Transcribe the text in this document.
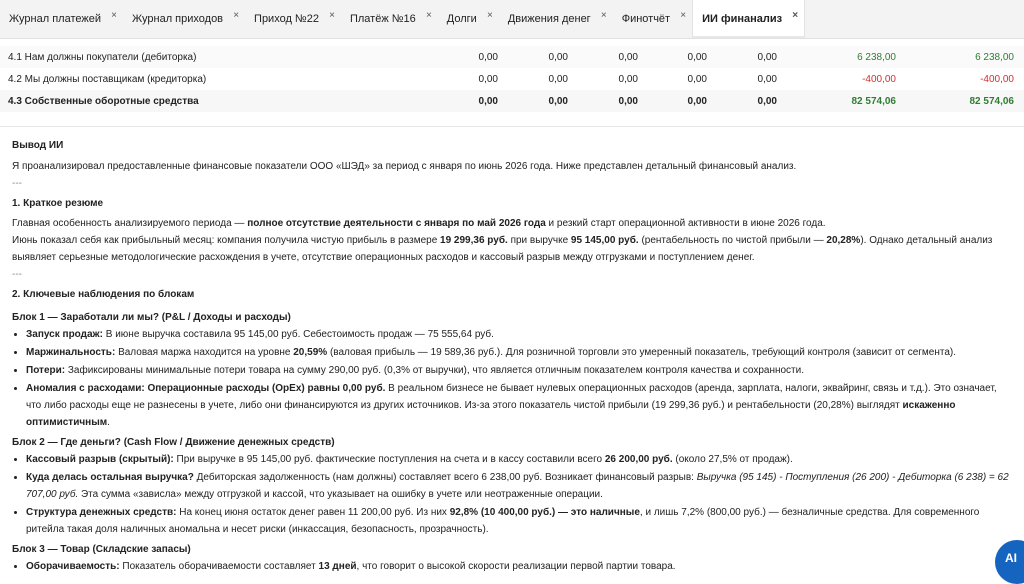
Журнал платежей × Журнал приходов × Приход №22 × Платёж №16 × Долги × Движения денег × Финотчёт × ИИ финанализ ×
4.1 Нам должны покупатели (дебиторка)	0,00	0,00	0,00	0,00	0,00	6 238,00	6 238,00
4.2 Мы должны поставщикам (кредиторка)	0,00	0,00	0,00	0,00	0,00	-400,00	-400,00
4.3 Собственные оборотные средства	0,00	0,00	0,00	0,00	0,00	82 574,06	82 574,06

Вывод ИИ

Я проанализировал предоставленные финансовые показатели ООО «ШЭД» за период с января по июнь 2026 года. Ниже представлен детальный финансовый анализ.

---

1. Краткое резюме

Главная особенность анализируемого периода — полное отсутствие деятельности с января по май 2026 года и резкий старт операционной активности в июне 2026 года.

Июнь показал себя как прибыльный месяц: компания получила чистую прибыль в размере 19 299,36 руб. при выручке 95 145,00 руб. (рентабельность по чистой прибыли — 20,28%). Однако детальный анализ выявляет серьезные методологические расхождения в учете, отсутствие операционных расходов и кассовый разрыв между отгрузками и поступлением денег.

---

2. Ключевые наблюдения по блокам

Блок 1 — Заработали ли мы? (P&L / Доходы и расходы)

• Запуск продаж: В июне выручка составила 95 145,00 руб. Себестоимость продаж — 75 555,64 руб.
• Маржинальность: Валовая маржа находится на уровне 20,59% (валовая прибыль — 19 589,36 руб.). Для розничной торговли это умеренный показатель, требующий контроля (зависит от сегмента).
• Потери: Зафиксированы минимальные потери товара на сумму 290,00 руб. (0,3% от выручки), что является отличным показателем контроля качества и сохранности.
• Аномалия с расходами: Операционные расходы (OpEx) равны 0,00 руб. В реальном бизнесе не бывает нулевых операционных расходов (аренда, зарплата, налоги, эквайринг, связь и т.д.). Это означает, что либо расходы еще не разнесены в учете, либо они финансируются из других источников. Из-за этого показатель чистой прибыли (19 299,36 руб.) и рентабельности (20,28%) выглядят искаженно оптимистичным.

Блок 2 — Где деньги? (Cash Flow / Движение денежных средств)

• Кассовый разрыв (скрытый): При выручке в 95 145,00 руб. фактические поступления на счета и в кассу составили всего 26 200,00 руб. (около 27,5% от продаж).
• Куда делась остальная выручка? Дебиторская задолженность (нам должны) составляет всего 6 238,00 руб. Возникает финансовый разрыв: Выручка (95 145) - Поступления (26 200) - Дебиторка (6 238) = 62 707,00 руб. Эта сумма «зависла» между отгрузкой и кассой, что указывает на ошибку в учете или неотраженные операции.
• Структура денежных средств: На конец июня остаток денег равен 11 200,00 руб. Из них 92,8% (10 400,00 руб.) — это наличные, и лишь 7,2% (800,00 руб.) — безналичные средства. Для современного ритейла такая доля наличных аномальна и несет риски (инкассация, безопасность, прозрачность).

Блок 3 — Товар (Складские запасы)

• Оборачиваемость: Показатель оборачиваемости составляет 13 дней, что говорит о высокой скорости реализации первой партии товара.
AI
